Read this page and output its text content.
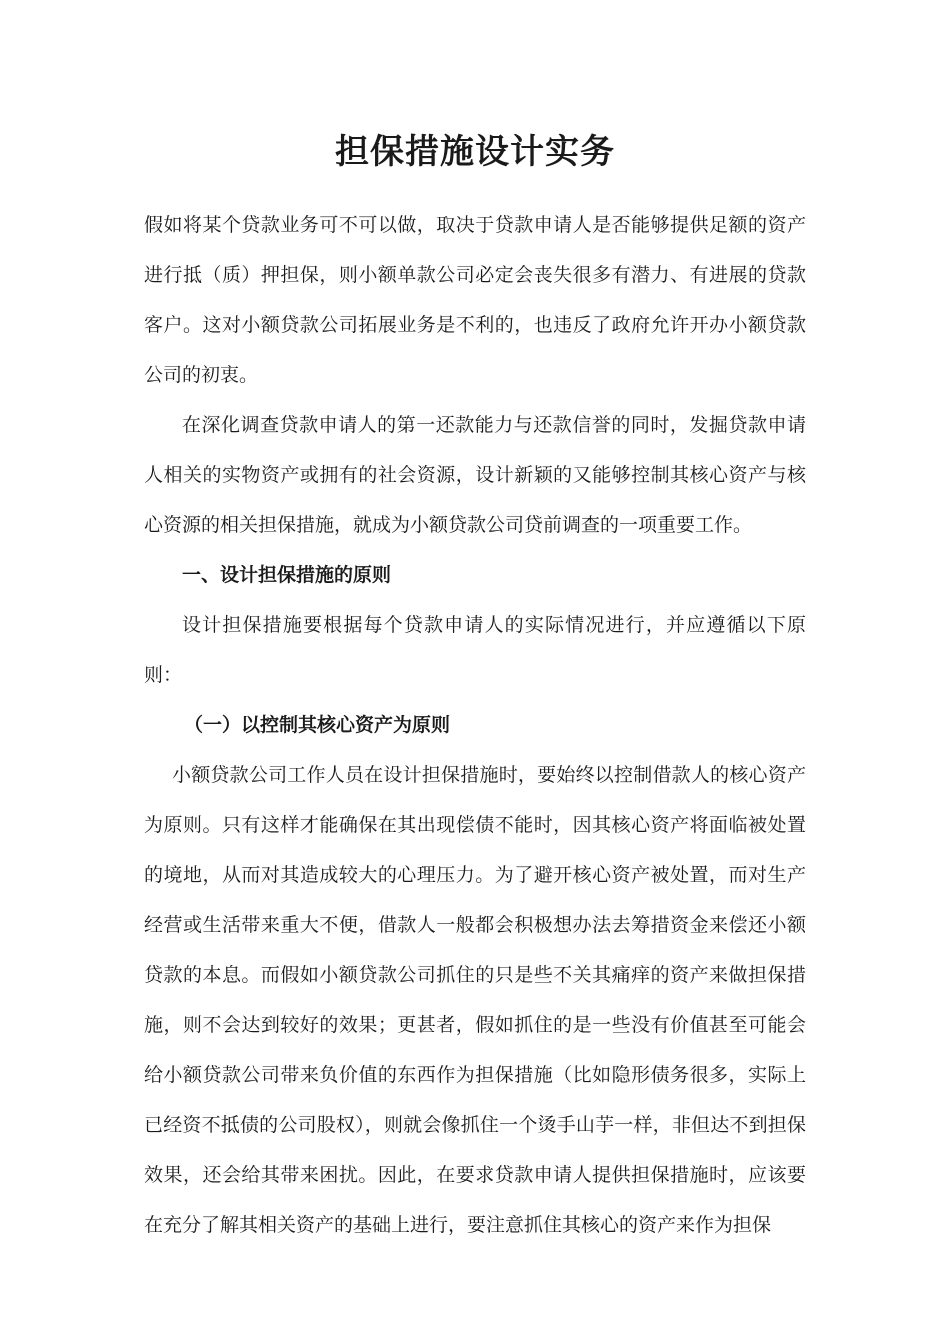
担保措施设计实务

假如将某个贷款业务可不可以做，取决于贷款申请人是否能够提供足额的资产进行抵（质）押担保，则小额单款公司必定会丧失很多有潜力、有进展的贷款客户。这对小额贷款公司拓展业务是不利的，也违反了政府允许开办小额贷款公司的初衷。

在深化调查贷款申请人的第一还款能力与还款信誉的同时，发掘贷款申请人相关的实物资产或拥有的社会资源，设计新颖的又能够控制其核心资产与核心资源的相关担保措施，就成为小额贷款公司贷前调查的一项重要工作。

一、设计担保措施的原则

设计担保措施要根据每个贷款申请人的实际情况进行，并应遵循以下原则：

（一）以控制其核心资产为原则

小额贷款公司工作人员在设计担保措施时，要始终以控制借款人的核心资产为原则。只有这样才能确保在其出现偿债不能时，因其核心资产将面临被处置的境地，从而对其造成较大的心理压力。为了避开核心资产被处置，而对生产经营或生活带来重大不便，借款人一般都会积极想办法去筹措资金来偿还小额贷款的本息。而假如小额贷款公司抓住的只是些不关其痛痒的资产来做担保措施，则不会达到较好的效果；更甚者，假如抓住的是一些没有价值甚至可能会给小额贷款公司带来负价值的东西作为担保措施（比如隐形债务很多，实际上已经资不抵债的公司股权），则就会像抓住一个烫手山芋一样，非但达不到担保效果，还会给其带来困扰。因此，在要求贷款申请人提供担保措施时，应该要在充分了解其相关资产的基础上进行，要注意抓住其核心的资产来作为担保
